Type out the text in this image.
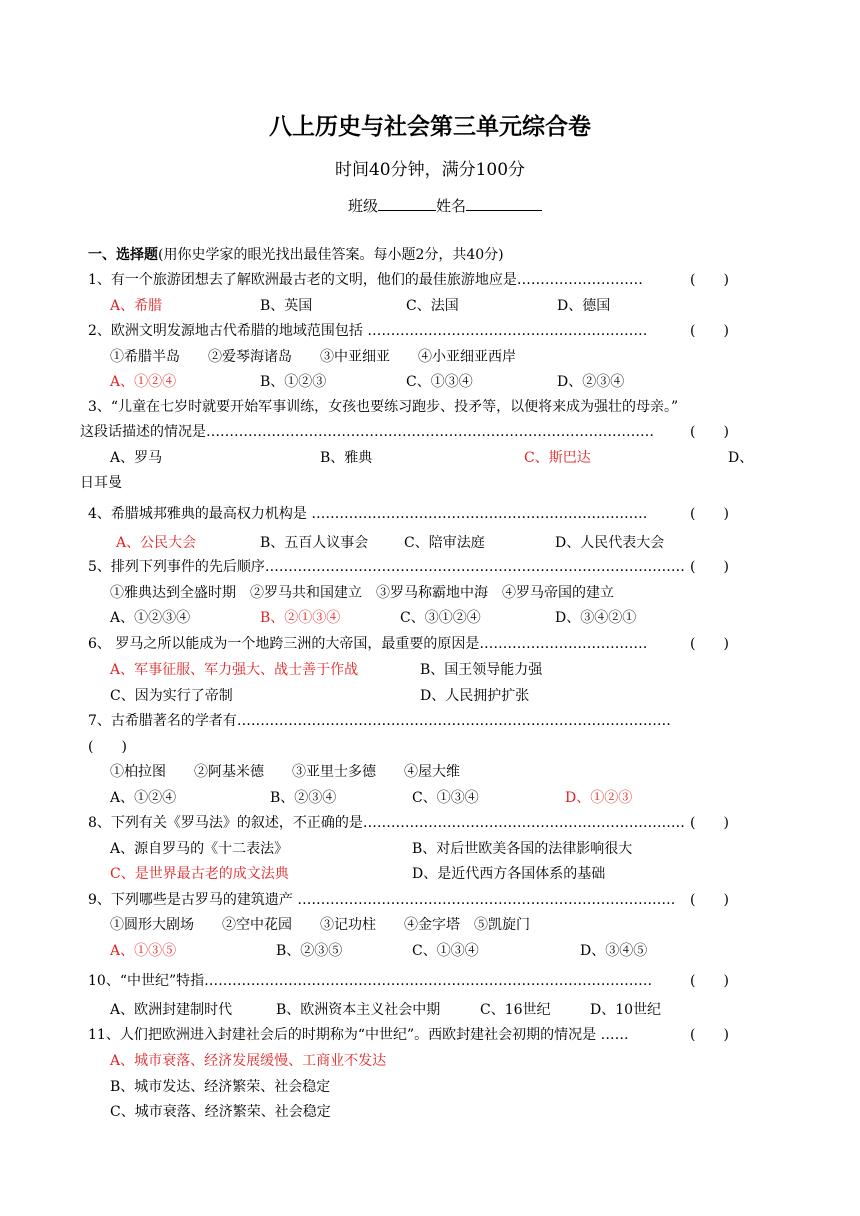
八上历史与社会第三单元综合卷
时间40分钟，满分100分
班级	姓名
一、选择题(用你史学家的眼光找出最佳答案。每小题2分，共40分)
1、有一个旅游团想去了解欧洲最古老的文明，他们的最佳旅游地应是………………………	(　　)
A、希腊	B、英国	C、法国	D、德国
2、欧洲文明发源地古代希腊的地域范围包括 ……………………………………………………	(　　)
①希腊半岛　　②爱琴海诸岛　　③中亚细亚　　④小亚细亚西岸
A、①②④	B、①②③	C、①③④	D、②③④
3、“儿童在七岁时就要开始军事训练，女孩也要练习跑步、投矛等，以便将来成为强壮的母亲。”
这段话描述的情况是……………………………………………………………………………………	(　　)
A、罗马	B、雅典	C、斯巴达	D、
日耳曼
4、希腊城邦雅典的最高权力机构是 ………………………………………………………………	(　　)
A、公民大会	B、五百人议事会	C、陪审法庭	D、人民代表大会
5、排列下列事件的先后顺序……………………………………………………………………………… (　　)
①雅典达到全盛时期　②罗马共和国建立　③罗马称霸地中海　④罗马帝国的建立
A、①②③④	B、②①③④	C、③①②④	D、③④②①
6、 罗马之所以能成为一个地跨三洲的大帝国，最重要的原因是………………………………	(　　)
A、军事征服、军力强大、战士善于作战	B、国王领导能力强
C、因为实行了帝制	D、人民拥护扩张
7、古希腊著名的学者有…………………………………………………………………………………
(　　)
①柏拉图　　②阿基米德　　③亚里士多德　　④屋大维
A、①②④	B、②③④	C、①③④	D、①②③
8、下列有关《罗马法》的叙述，不正确的是…………………………………………………………… (　　)
A、源自罗马的《十二表法》	B、对后世欧美各国的法律影响很大
C、是世界最古老的成文法典	D、是近代西方各国体系的基础
9、下列哪些是古罗马的建筑遗产 ……………………………………………………………………… (　　)
①圆形大剧场　　②空中花园　　③记功柱　　④金字塔　⑤凯旋门
A、①③⑤	B、②③⑤	C、①③④	D、③④⑤
10、“中世纪”特指……………………………………………………………………………………	(　　)
A、欧洲封建制时代	B、欧洲资本主义社会中期	C、16世纪	D、10世纪
11、人们把欧洲进入封建社会后的时期称为“中世纪”。西欧封建社会初期的情况是 ……	(　　)
A、城市衰落、经济发展缓慢、工商业不发达
B、城市发达、经济繁荣、社会稳定
C、城市衰落、经济繁荣、社会稳定
